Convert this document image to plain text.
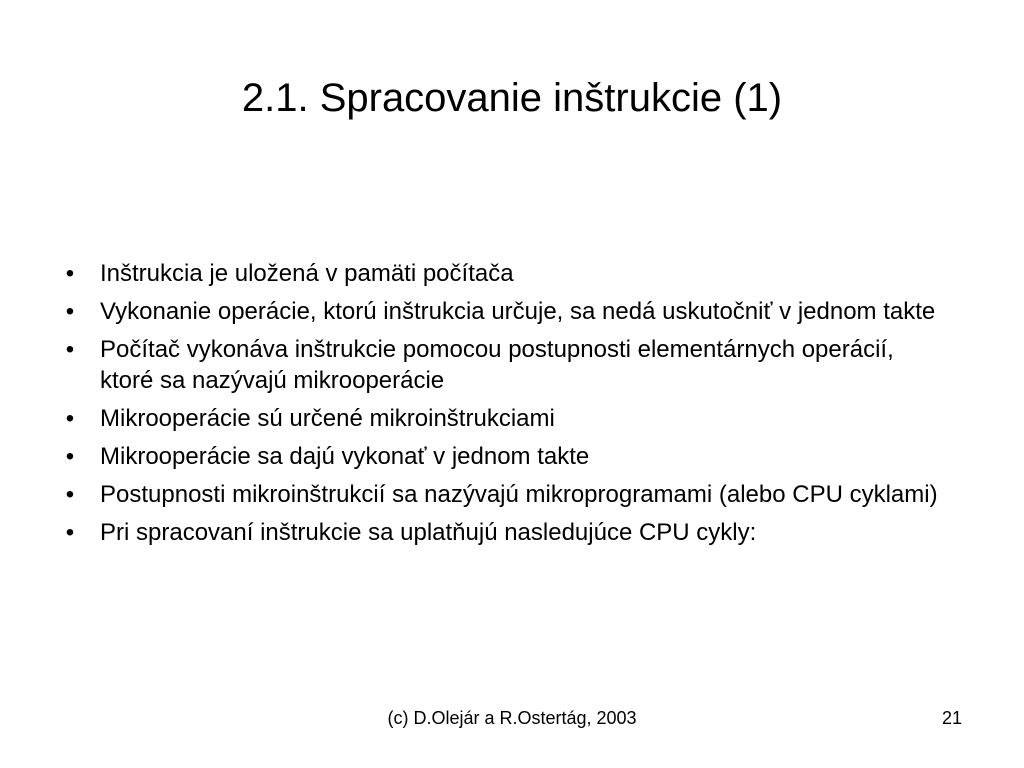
2.1. Spracovanie inštrukcie (1)
• Inštrukcia je uložená v pamäti počítača
• Vykonanie operácie, ktorú inštrukcia určuje, sa nedá uskutočniť v jednom takte
• Počítač vykonáva inštrukcie pomocou postupnosti elementárnych operácií, ktoré sa nazývajú mikrooperácie
• Mikrooperácie sú určené mikroinštrukciami
• Mikrooperácie sa dajú vykonať v jednom takte
• Postupnosti mikroinštrukcií sa nazývajú mikroprogramami (alebo CPU cyklami)
• Pri spracovaní inštrukcie sa uplatňujú nasledujúce CPU cykly:
(c) D.Olejár a R.Ostertág, 2003	21
